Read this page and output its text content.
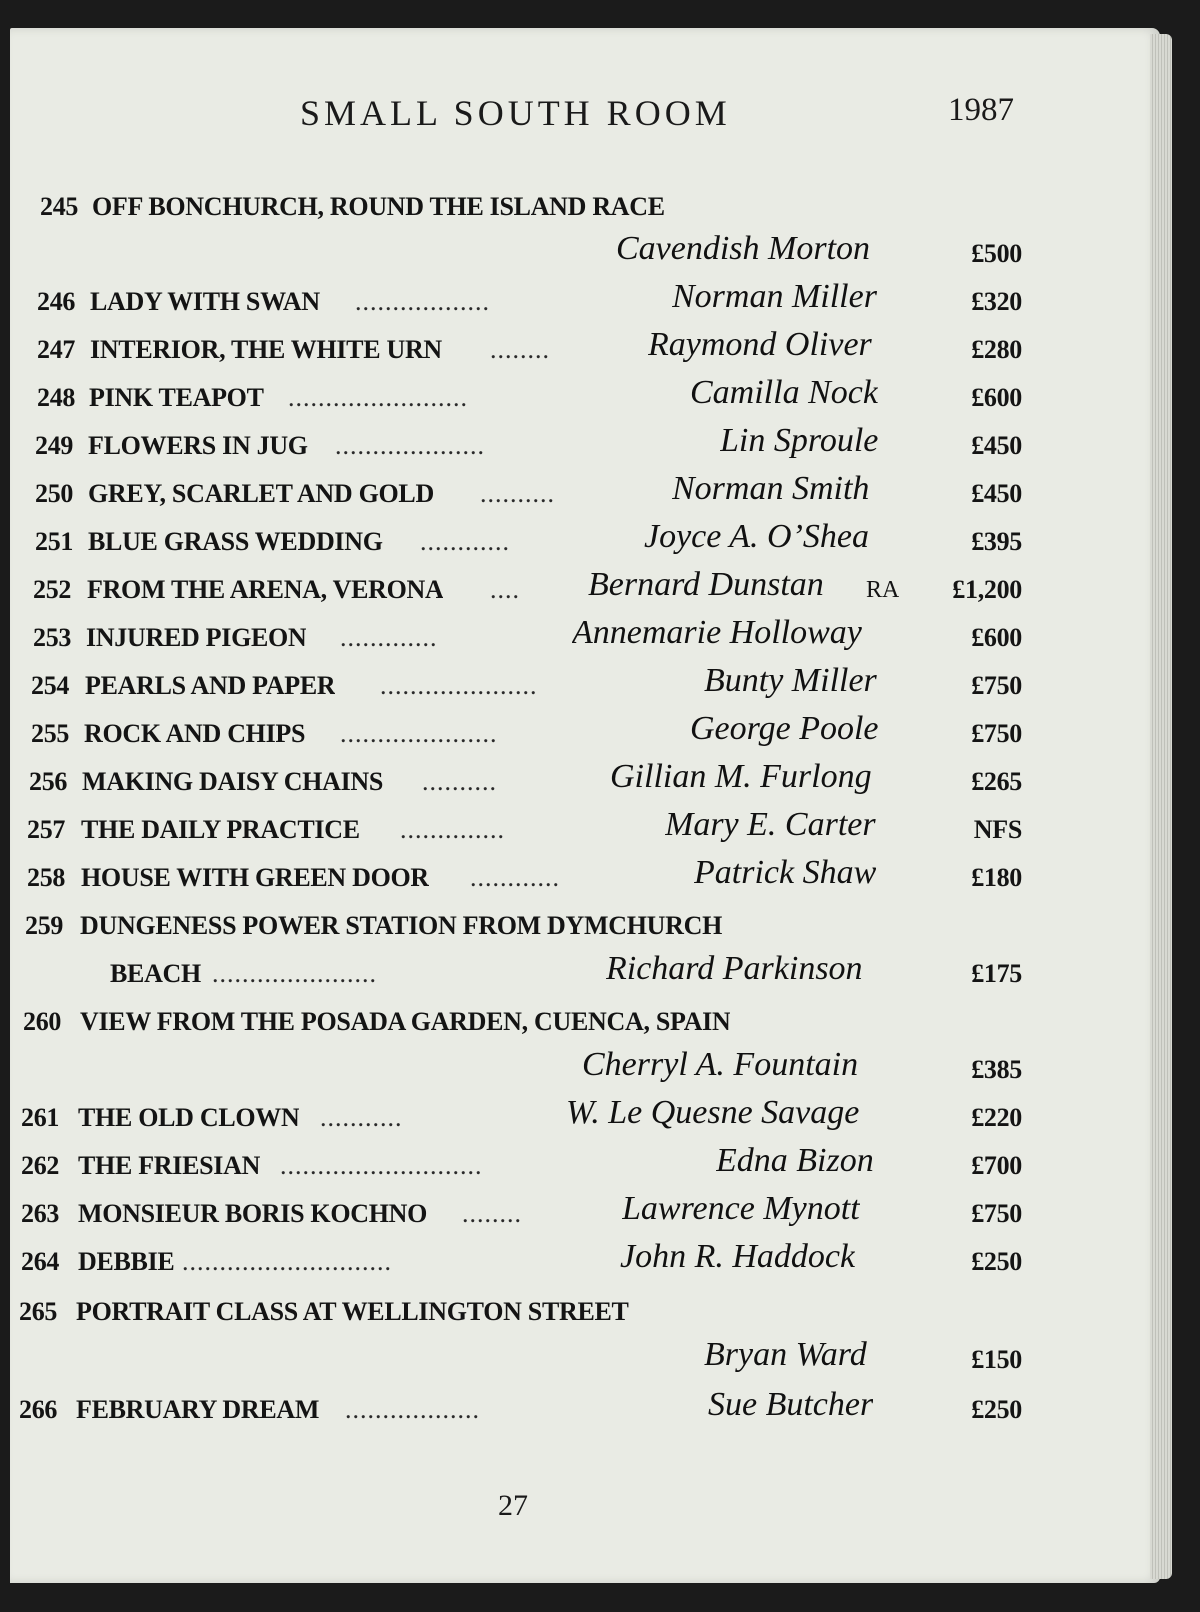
SMALL SOUTH ROOM	1987
245 OFF BONCHURCH, ROUND THE ISLAND RACE
Cavendish Morton	£500
246 LADY WITH SWAN ..................	Norman Miller	£320
247 INTERIOR, THE WHITE URN ........	Raymond Oliver	£280
248 PINK TEAPOT ........................	Camilla Nock	£600
249 FLOWERS IN JUG ....................	Lin Sproule	£450
250 GREY, SCARLET AND GOLD ..........	Norman Smith	£450
251 BLUE GRASS WEDDING ............	Joyce A. O’Shea	£395
252 FROM THE ARENA, VERONA ....	Bernard Dunstan RA	£1,200
253 INJURED PIGEON .............	Annemarie Holloway	£600
254 PEARLS AND PAPER .....................	Bunty Miller	£750
255 ROCK AND CHIPS .....................	George Poole	£750
256 MAKING DAISY CHAINS ..........	Gillian M. Furlong	£265
257 THE DAILY PRACTICE ..............	Mary E. Carter	NFS
258 HOUSE WITH GREEN DOOR ............	Patrick Shaw	£180
259 DUNGENESS POWER STATION FROM DYMCHURCH
BEACH ......................	Richard Parkinson	£175
260 VIEW FROM THE POSADA GARDEN, CUENCA, SPAIN
Cherryl A. Fountain	£385
261 THE OLD CLOWN ...........	W. Le Quesne Savage	£220
262 THE FRIESIAN ...........................	Edna Bizon	£700
263 MONSIEUR BORIS KOCHNO ........	Lawrence Mynott	£750
264 DEBBIE ............................	John R. Haddock	£250
265 PORTRAIT CLASS AT WELLINGTON STREET
Bryan Ward	£150
266 FEBRUARY DREAM ..................	Sue Butcher	£250
27
